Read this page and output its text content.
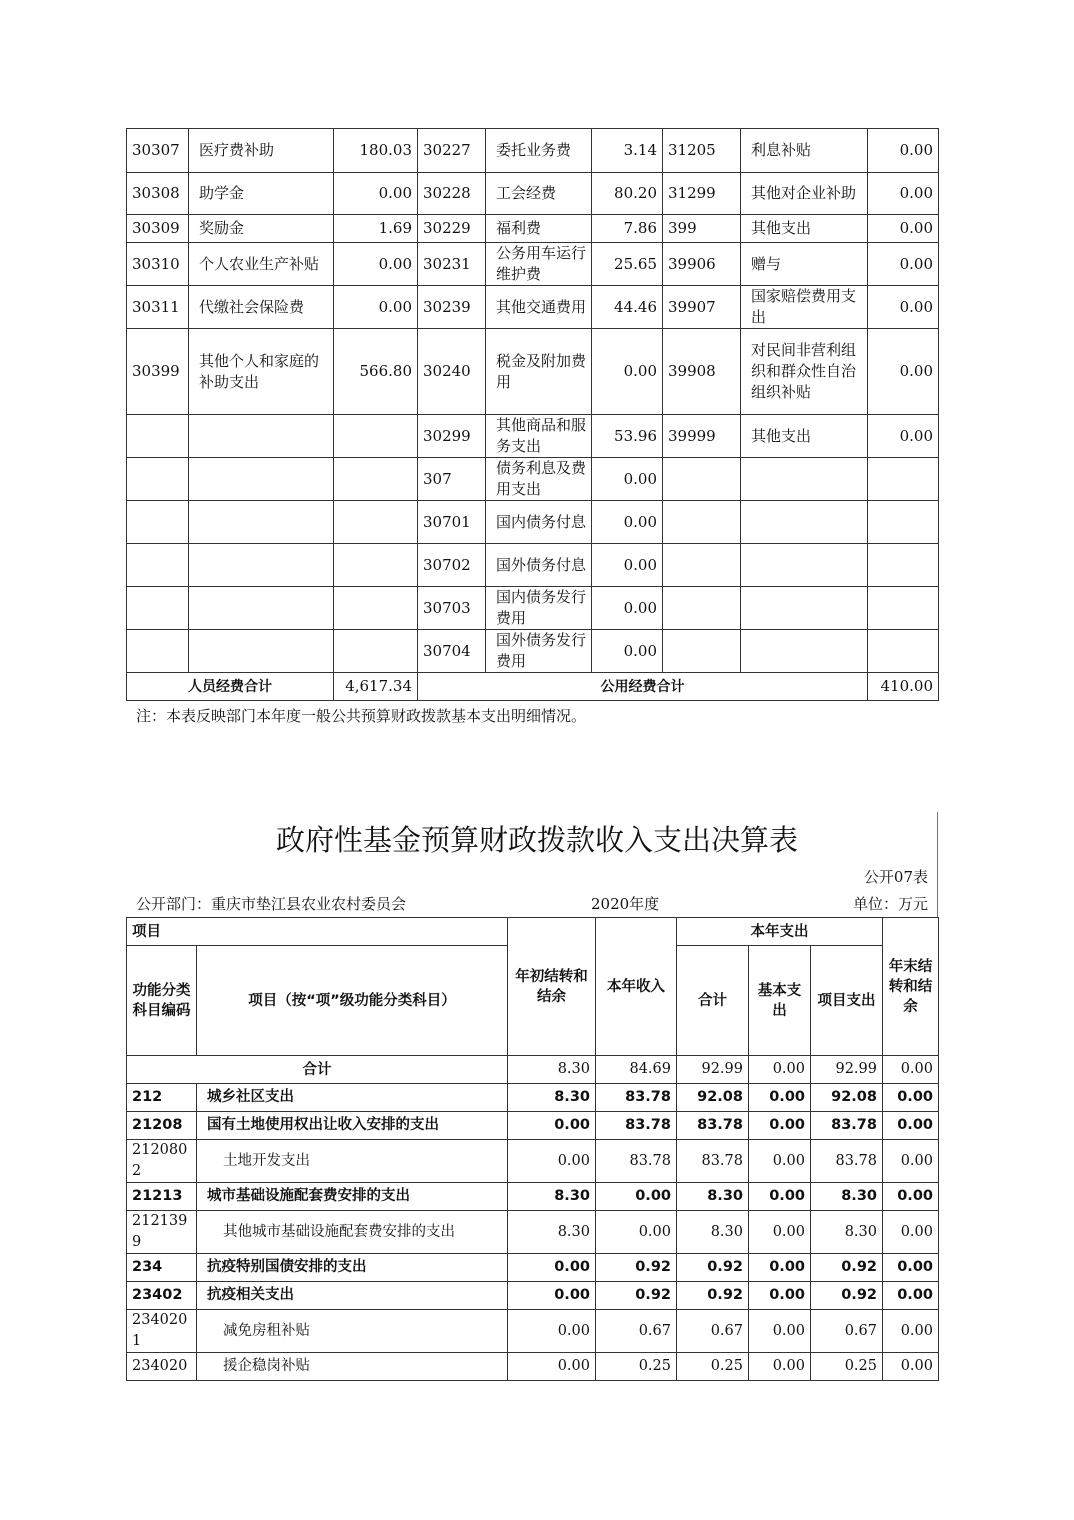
30307	医疗费补助	180.03	30227	委托业务费	3.14	31205	利息补贴	0.00
30308	助学金	0.00	30228	工会经费	80.20	31299	其他对企业补助	0.00
30309	奖励金	1.69	30229	福利费	7.86	399	其他支出	0.00
30310	个人农业生产补贴	0.00	30231	公务用车运行维护费	25.65	39906	赠与	0.00
30311	代缴社会保险费	0.00	30239	其他交通费用	44.46	39907	国家赔偿费用支出	0.00
30399	其他个人和家庭的补助支出	566.80	30240	税金及附加费用	0.00	39908	对民间非营利组织和群众性自治组织补贴	0.00
			30299	其他商品和服务支出	53.96	39999	其他支出	0.00
			307	债务利息及费用支出	0.00			
			30701	国内债务付息	0.00			
			30702	国外债务付息	0.00			
			30703	国内债务发行费用	0.00			
			30704	国外债务发行费用	0.00			
人员经费合计		4,617.34	公用经费合计					410.00
注：本表反映部门本年度一般公共预算财政拨款基本支出明细情况。
政府性基金预算财政拨款收入支出决算表
公开07表
公开部门：重庆市垫江县农业农村委员会	2020年度	单位：万元
项目		年初结转和结余	本年收入	本年支出			年末结转和结余
功能分类科目编码	项目（按“项”级功能分类科目）			合计	基本支出	项目支出	

合计		8.30	84.69	92.99	0.00	92.99	0.00
212	城乡社区支出	8.30	83.78	92.08	0.00	92.08	0.00
21208	国有土地使用权出让收入安排的支出	0.00	83.78	83.78	0.00	83.78	0.00
2120802	土地开发支出	0.00	83.78	83.78	0.00	83.78	0.00
21213	城市基础设施配套费安排的支出	8.30	0.00	8.30	0.00	8.30	0.00
2121399	其他城市基础设施配套费安排的支出	8.30	0.00	8.30	0.00	8.30	0.00
234	抗疫特别国债安排的支出	0.00	0.92	0.92	0.00	0.92	0.00
23402	抗疫相关支出	0.00	0.92	0.92	0.00	0.92	0.00
2340201	减免房租补贴	0.00	0.67	0.67	0.00	0.67	0.00
234020	援企稳岗补贴	0.00	0.25	0.25	0.00	0.25	0.00
